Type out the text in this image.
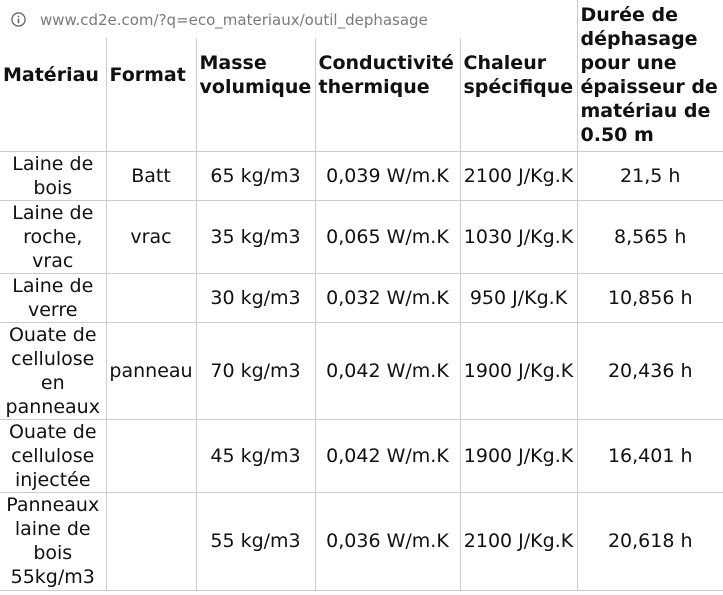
Matériau	Format	Masse volumique	Conductivité thermique	Chaleur spécifique	Durée de déphasage pour une épaisseur de matériau de 0.50 m

Laine de bois	Batt	65 kg/m3	0,039 W/m.K	2100 J/Kg.K	21,5 h
Laine de roche, vrac	vrac	35 kg/m3	0,065 W/m.K	1030 J/Kg.K	8,565 h
Laine de verre		30 kg/m3	0,032 W/m.K	950 J/Kg.K	10,856 h
Ouate de cellulose en panneaux	panneau	70 kg/m3	0,042 W/m.K	1900 J/Kg.K	20,436 h
Ouate de cellulose injectée		45 kg/m3	0,042 W/m.K	1900 J/Kg.K	16,401 h
Panneaux laine de bois 55kg/m3		55 kg/m3	0,036 W/m.K	2100 J/Kg.K	20,618 h
www.cd2e.com/?q=eco_materiaux/outil_dephasage
